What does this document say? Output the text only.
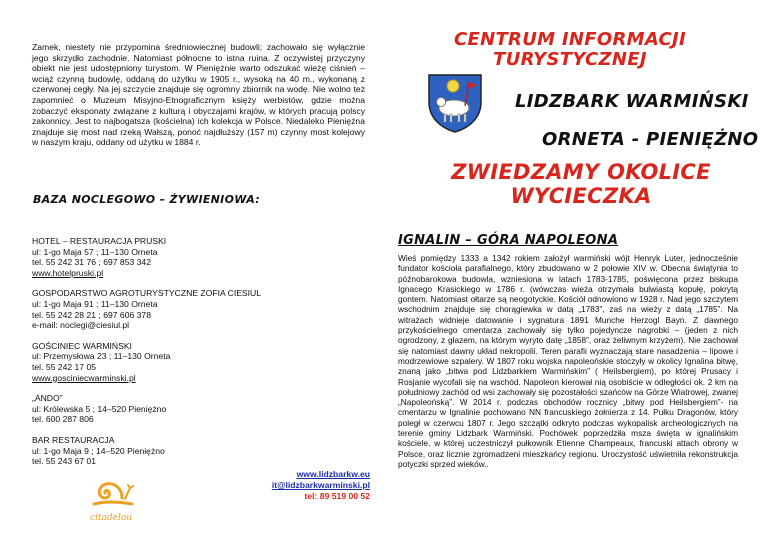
Zamek, niestety nie przypomina średniowiecznej budowli; zachowało się wyłącznie jego skrzydło zachodnie. Natomiast północne to istna ruina. Z oczywistej przyczyny obiekt nie jest udostępniony turystom. W Pieniężnie warto odszukać wieżę ciśnień – wciąż czynną budowlę, oddaną do użytku w 1905 r., wysoką na 40 m., wykonaną z czerwonej cegły. Na jej szczycie znajduje się ogromny zbiornik na wodę. Nie wolno też zapomnieć o Muzeum Misyjno-Etnograficznym księży werbistów, gdzie można zobaczyć eksponaty związane z kulturą i obyczajami krajów, w których pracują polscy zakonnicy. Jest to najbogatsza (kościelna) ich kolekcja w Polsce. Niedaleko Pieniężna znajduje się most nad rzeką Wałszą, ponoć najdłuższy (157 m) czynny most kolejowy w naszym kraju, oddany od użytku w 1884 r.

CENTRUM INFORMACJI TURYSTYCZNEJ
LIDZBARK WARMIŃSKI
ORNETA - PIENIĘŻNO
ZWIEDZAMY OKOLICE WYCIECZKA
BAZA NOCLEGOWO – ŻYWIENIOWA:

HOTEL – RESTAURACJA PRUSKI

ul: 1-go Maja 57 ; 11–130 Orneta

tel. 55 242 31 76 ; 697 853 342

www.hotelpruski.pl

GOSPODARSTWO AGROTURYSTYCZNE ZOFIA CIESIUL

ul: 1-go Maja 91 ; 11–130 Orneta

tel. 55 242 28 21 ; 697 606 378

e-mail: noclegi@ciesiul.pl

GOŚCINIEC WARMIŃSKI

ul: Przemysłowa 23 ; 11–130 Orneta

tel. 55 242 17 05

www.gosciniecwarminski.pl

„ANDO”

ul: Królewska 5 ; 14–520 Pieniężno

tel. 600 287 806

BAR RESTAURACJA

ul: 1-go Maja 9 ; 14–520 Pieniężno

tel. 55 243 67 01

citadelou
www.lidzbarkw.eu
it@lidzbarkwarminski.pl
tel: 89 519 00 52
IGNALIN – GÓRA NAPOLEONA

Wieś pomiędzy 1333 a 1342 rokiem założył warmiński wójt Henryk Luter, jednocześnie fundator kościoła parafialnego, który zbudowano w 2 połowie XIV w. Obecna świątynia to późnobarokowa budowla, wzniesiona w latach 1783-1785, poświęcona przez biskupa Ignacego Krasickiego w 1786 r. (wówczas wieża otrzymała bulwiastą kopułę, pokrytą gontem. Natomiast ołtarze są neogotyckie. Kościół odnowiono w 1928 r. Nad jego szczytem wschodnim znajduje się chorągiewka w datą „1783”, zaś na wieży z datą „1785”. Na witrażach widnieje datowanie i sygnatura 1891 Munche Herzogl Bayn. Z dawnego przykościelnego cmentarza zachowały się tylko pojedyncze nagrobki – (jeden z nich ogrodzony, z głazem, na którym wyryto datę „1858”, oraz żeliwnym krzyżem). Nie zachował się natomiast dawny układ nekropolii. Teren parafii wyznaczają stare nasadzenia – lipowe i modrzewiowe szpalery. W 1807 roku wojska napoleońskie stoczyły w okolicy Ignalina bitwę, znaną jako „bitwa pod Lidzbarkiem Warmińskim” ( Heilsbergiem), po której Prusacy i Rosjanie wycofali się na wschód. Napoleon kierował nią osobiście w odległości ok. 2 km na południowy zachód od wsi zachowały się pozostałości szańców na Górze Wiatrowej, zwanej „Napoleońską”. W 2014 r. podczas obchodów rocznicy „bitwy pod Heilsbergiem”- na cmentarzu w Ignalinie pochowano NN francuskiego żołnierza z 14. Pułku Dragonów, który poległ w czerwcu 1807 r. Jego szczątki odkryto podczas wykopalisk archeologicznych na terenie gminy Lidzbark Warmiński. Pochówek poprzedziła msza święta w ignalińskim kościele, w której uczestniczył pułkownik Etienne Champeaux, francuski attach obrony w Polsce, oraz licznie zgromadzeni mieszkańcy regionu. Uroczystość uświetniła rekonstrukcja potyczki sprzed wieków..
